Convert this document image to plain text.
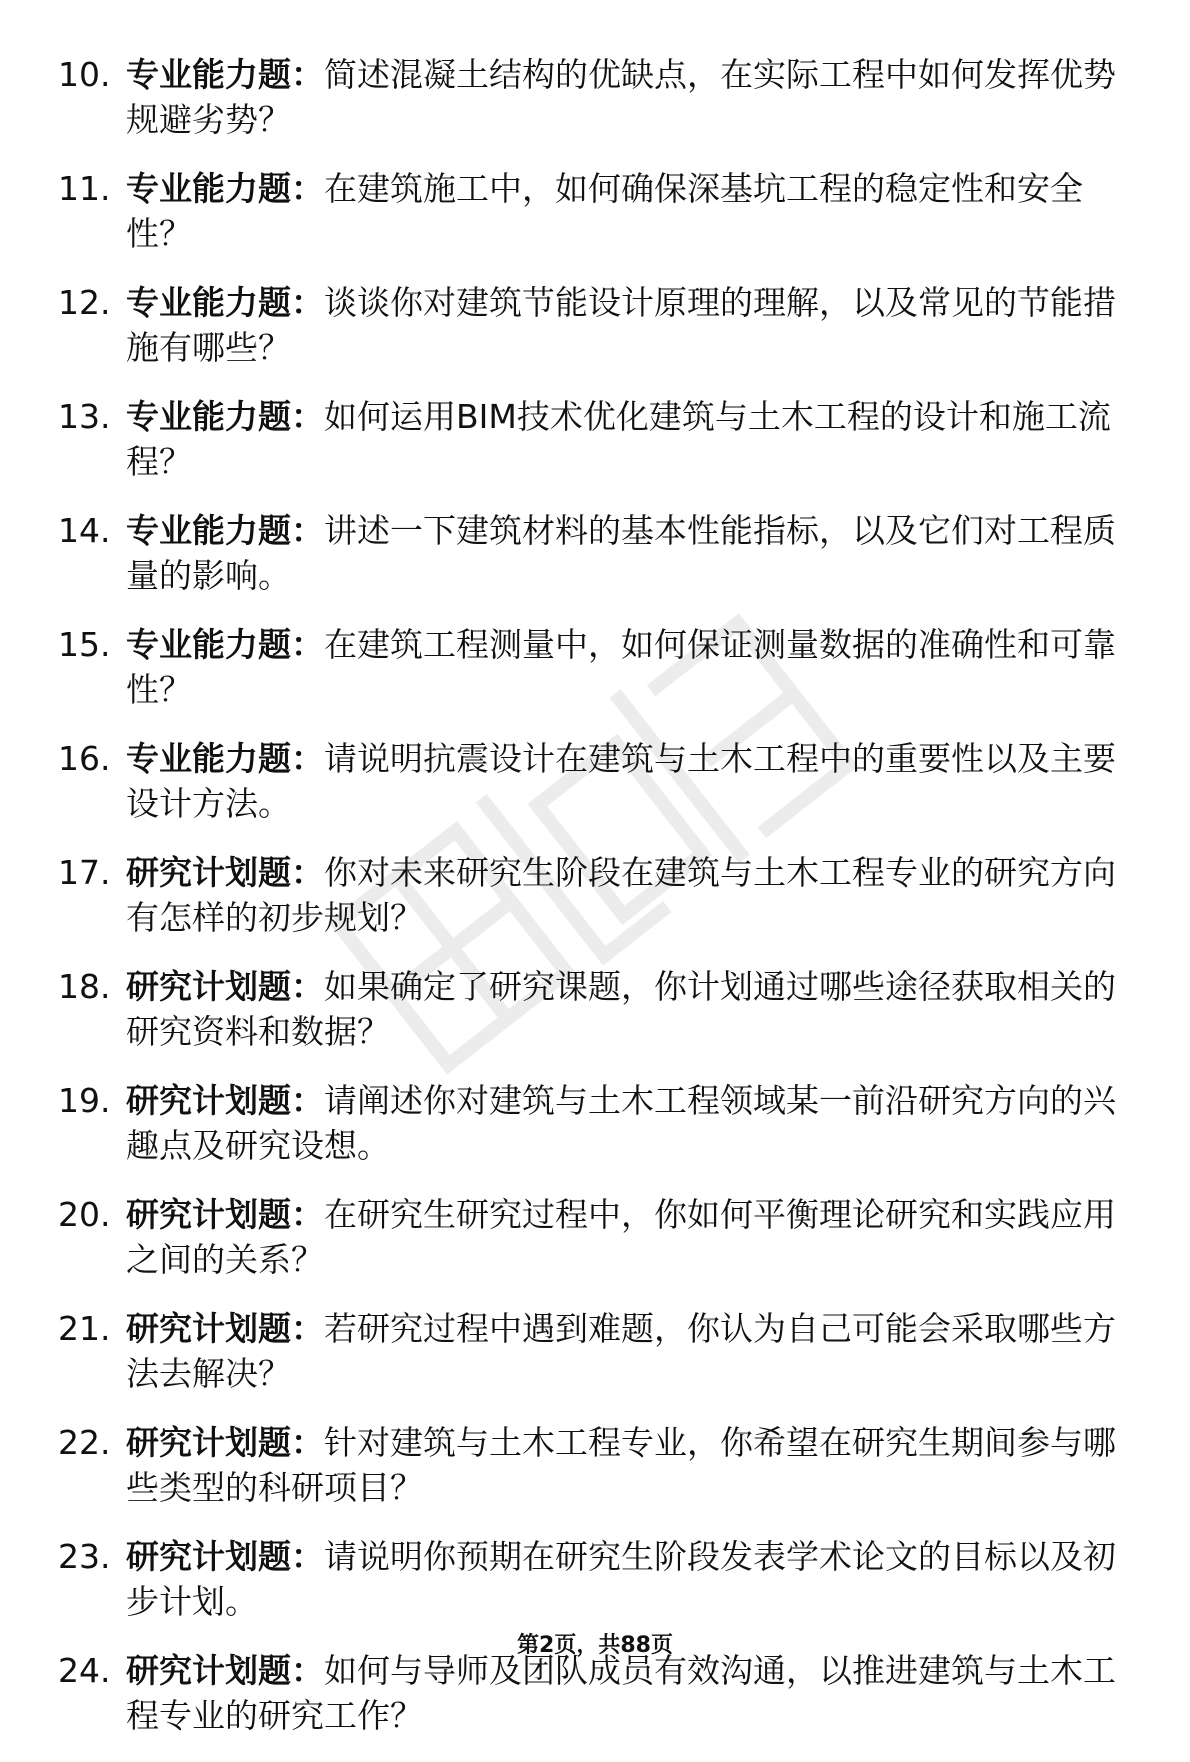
10. 专业能力题：简述混凝土结构的优缺点，在实际工程中如何发挥优势规避劣势？
11. 专业能力题：在建筑施工中，如何确保深基坑工程的稳定性和安全性？
12. 专业能力题：谈谈你对建筑节能设计原理的理解，以及常见的节能措施有哪些？
13. 专业能力题：如何运用BIM技术优化建筑与土木工程的设计和施工流程？
14. 专业能力题：讲述一下建筑材料的基本性能指标，以及它们对工程质量的影响。
15. 专业能力题：在建筑工程测量中，如何保证测量数据的准确性和可靠性？
16. 专业能力题：请说明抗震设计在建筑与土木工程中的重要性以及主要设计方法。
17. 研究计划题：你对未来研究生阶段在建筑与土木工程专业的研究方向有怎样的初步规划？
18. 研究计划题：如果确定了研究课题，你计划通过哪些途径获取相关的研究资料和数据？
19. 研究计划题：请阐述你对建筑与土木工程领域某一前沿研究方向的兴趣点及研究设想。
20. 研究计划题：在研究生研究过程中，你如何平衡理论研究和实践应用之间的关系？
21. 研究计划题：若研究过程中遇到难题，你认为自己可能会采取哪些方法去解决？
22. 研究计划题：针对建筑与土木工程专业，你希望在研究生期间参与哪些类型的科研项目？
23. 研究计划题：请说明你预期在研究生阶段发表学术论文的目标以及初步计划。
24. 研究计划题：如何与导师及团队成员有效沟通，以推进建筑与土木工程专业的研究工作？
第2页，共88页
